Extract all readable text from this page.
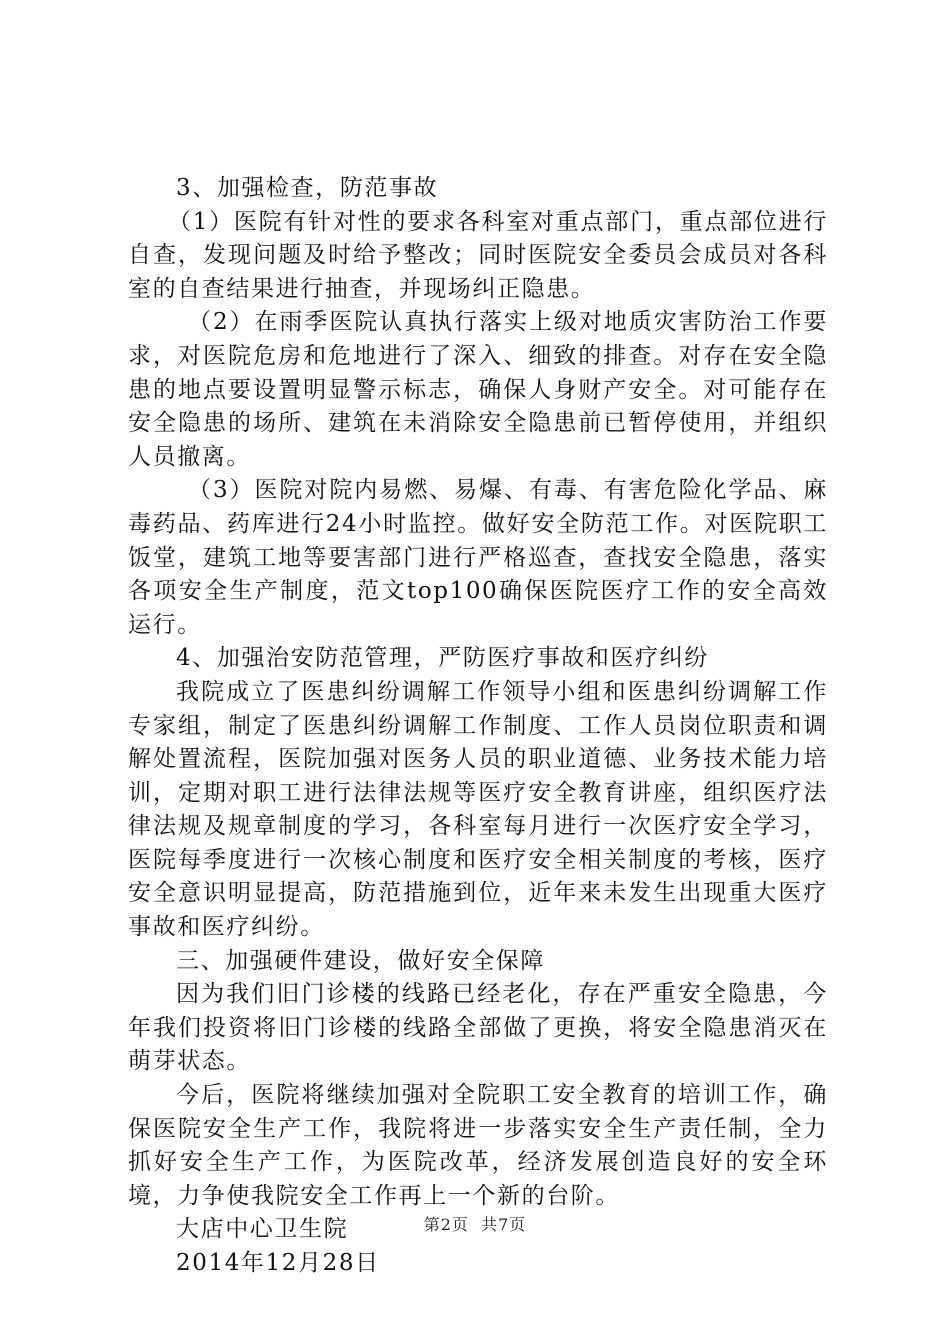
3、加强检查，防范事故

（1）医院有针对性的要求各科室对重点部门，重点部位进行自查，发现问题及时给予整改；同时医院安全委员会成员对各科室的自查结果进行抽查，并现场纠正隐患。

（2）在雨季医院认真执行落实上级对地质灾害防治工作要求，对医院危房和危地进行了深入、细致的排查。对存在安全隐患的地点要设置明显警示标志，确保人身财产安全。对可能存在安全隐患的场所、建筑在未消除安全隐患前已暂停使用，并组织人员撤离。

（3）医院对院内易燃、易爆、有毒、有害危险化学品、麻毒药品、药库进行24小时监控。做好安全防范工作。对医院职工饭堂，建筑工地等要害部门进行严格巡查，查找安全隐患，落实各项安全生产制度，范文top100确保医院医疗工作的安全高效运行。

4、加强治安防范管理，严防医疗事故和医疗纠纷

我院成立了医患纠纷调解工作领导小组和医患纠纷调解工作专家组，制定了医患纠纷调解工作制度、工作人员岗位职责和调解处置流程，医院加强对医务人员的职业道德、业务技术能力培训，定期对职工进行法律法规等医疗安全教育讲座，组织医疗法律法规及规章制度的学习，各科室每月进行一次医疗安全学习，医院每季度进行一次核心制度和医疗安全相关制度的考核，医疗安全意识明显提高，防范措施到位，近年来未发生出现重大医疗事故和医疗纠纷。

三、加强硬件建设，做好安全保障

因为我们旧门诊楼的线路已经老化，存在严重安全隐患，今年我们投资将旧门诊楼的线路全部做了更换，将安全隐患消灭在萌芽状态。

今后，医院将继续加强对全院职工安全教育的培训工作，确保医院安全生产工作，我院将进一步落实安全生产责任制，全力抓好安全生产工作，为医院改革，经济发展创造良好的安全环境，力争使我院安全工作再上一个新的台阶。

大店中心卫生院

2014年12月28日

第2页  共7页
